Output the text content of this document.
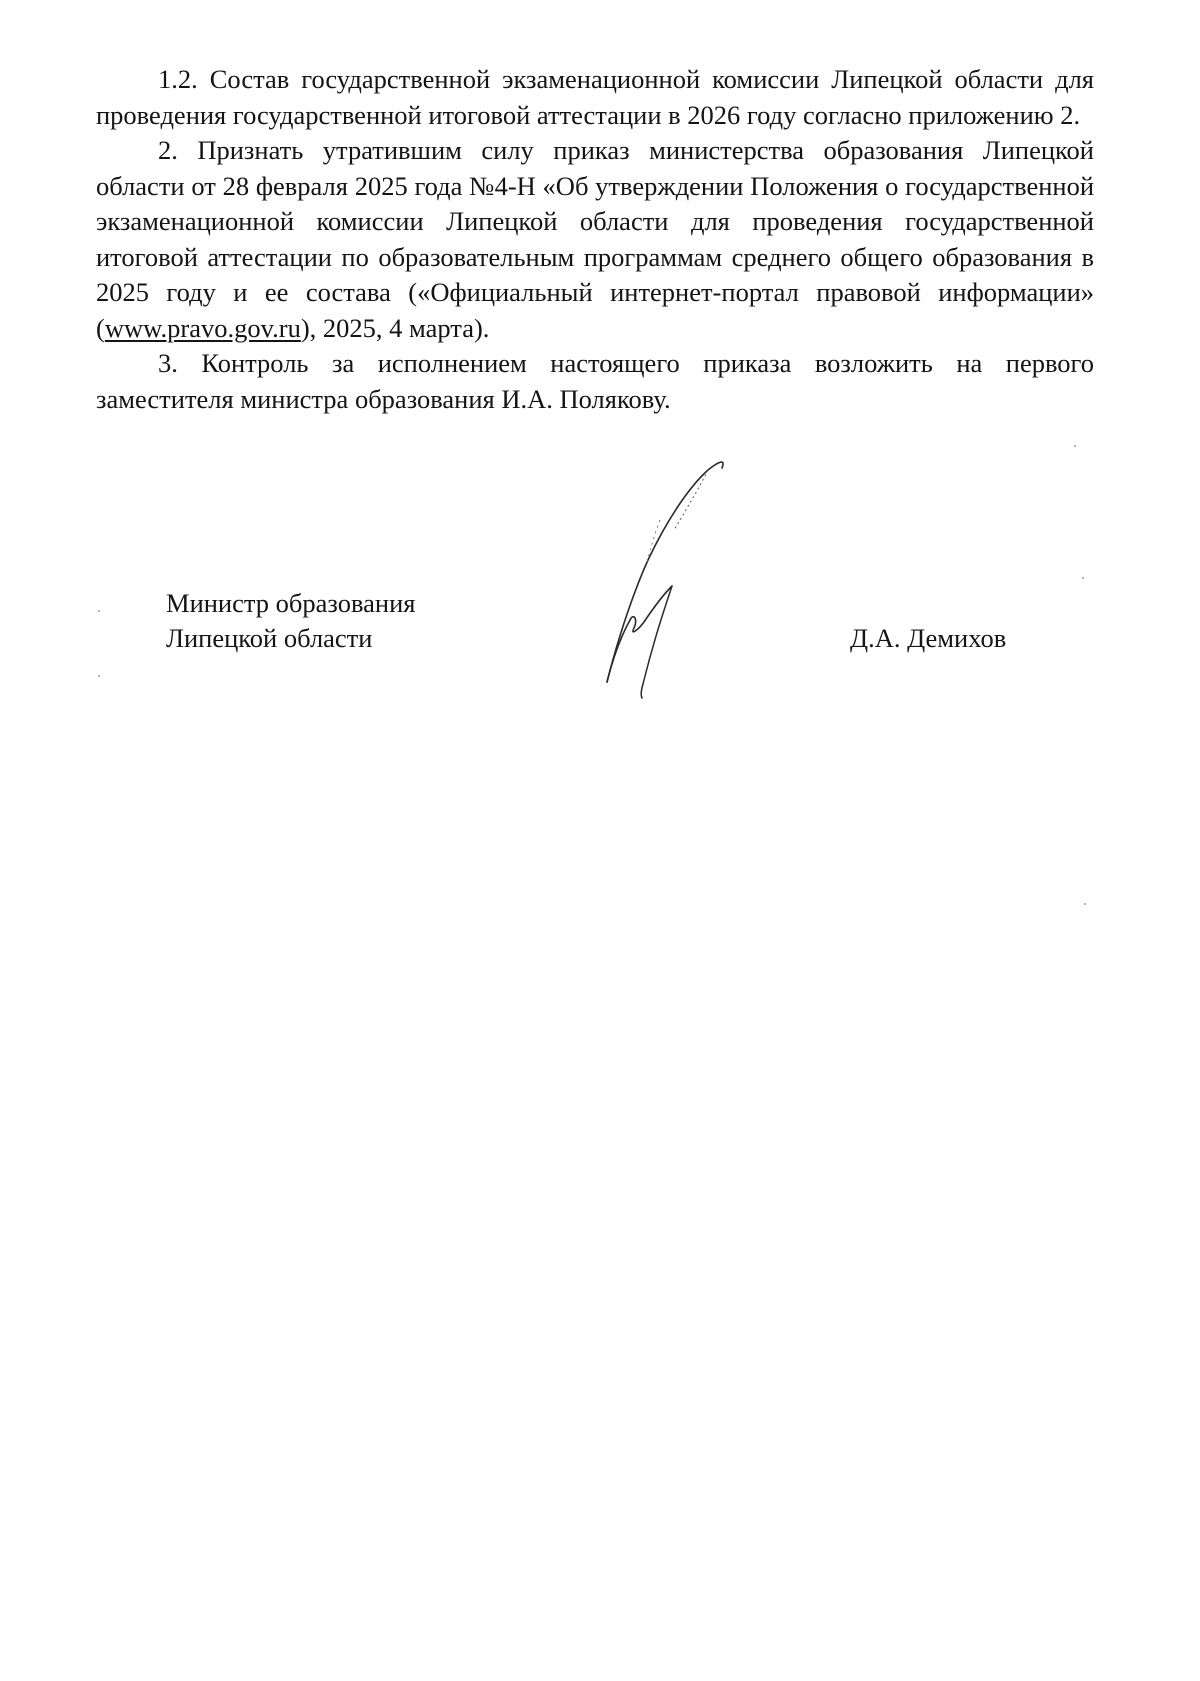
1.2. Состав государственной экзаменационной комиссии Липецкой области для проведения государственной итоговой аттестации в 2026 году согласно приложению 2.

2. Признать утратившим силу приказ министерства образования Липецкой области от 28 февраля 2025 года №4-Н «Об утверждении Положения о государственной экзаменационной комиссии Липецкой области для проведения государственной итоговой аттестации по образовательным программам среднего общего образования в 2025 году и ее состава («Официальный интернет-портал правовой информации» (www.pravo.gov.ru), 2025, 4 марта).

3. Контроль за исполнением настоящего приказа возложить на первого заместителя министра образования И.А. Полякову.

Министр образования
Липецкой области	Д.А. Демихов
